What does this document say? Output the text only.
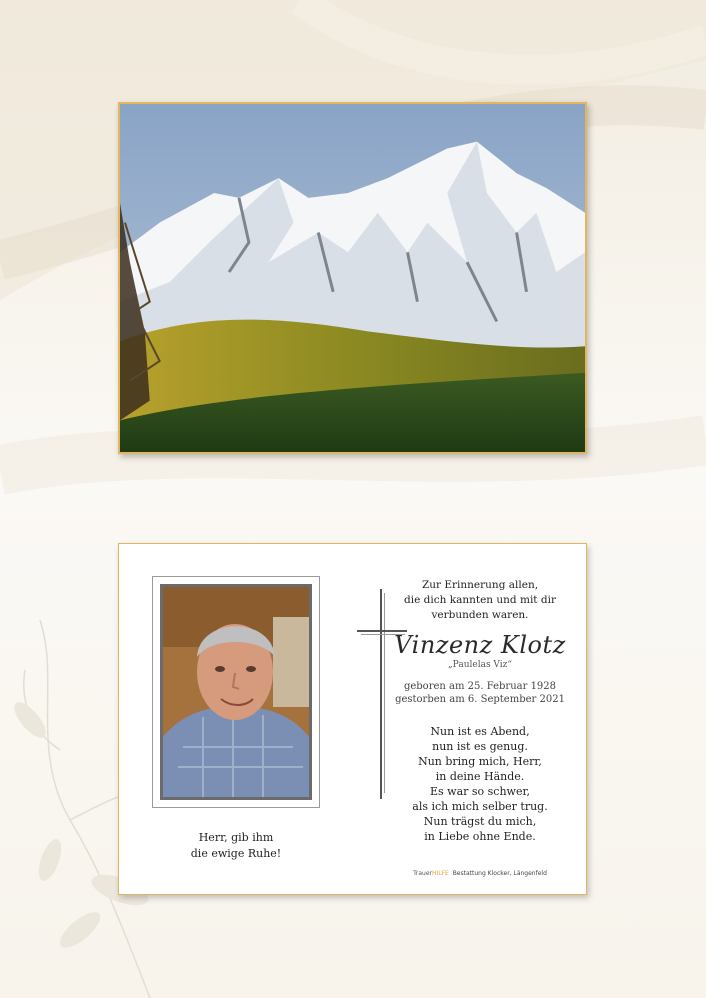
Herr, gib ihm
die ewige Ruhe!
Zur Erinnerung allen,
die dich kannten und mit dir
verbunden waren.
Vinzenz Klotz
„Paulelas Viz“
geboren am 25. Februar 1928
gestorben am 6. September 2021
Nun ist es Abend,
nun ist es genug.
Nun bring mich, Herr,
in deine Hände.
Es war so schwer,
als ich mich selber trug.
Nun trägst du mich,
in Liebe ohne Ende.
TrauerHILFE Bestattung Klocker, Längenfeld
